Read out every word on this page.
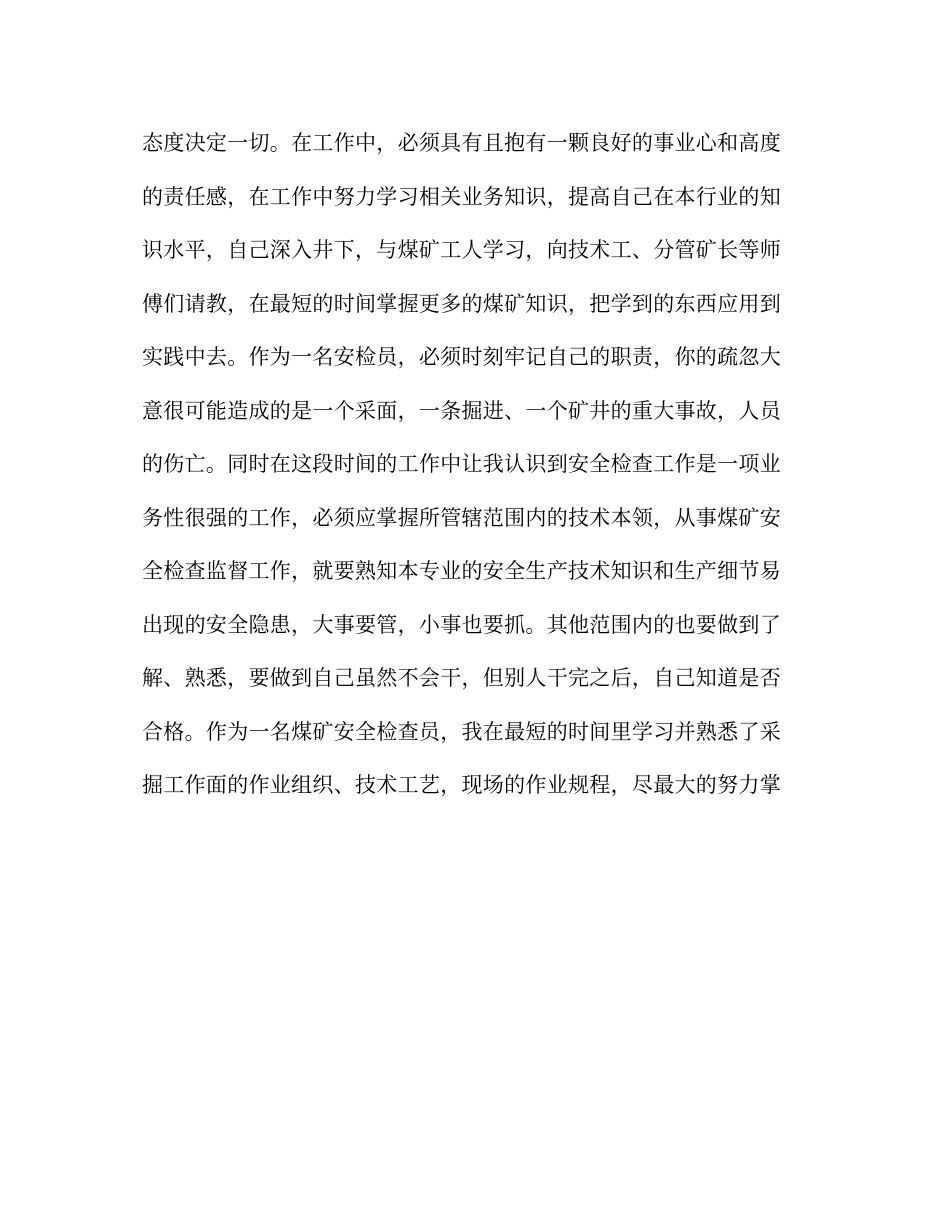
态度决定一切。在工作中，必须具有且抱有一颗良好的事业心和高度
的责任感，在工作中努力学习相关业务知识，提高自己在本行业的知
识水平，自己深入井下，与煤矿工人学习，向技术工、分管矿长等师
傅们请教，在最短的时间掌握更多的煤矿知识，把学到的东西应用到
实践中去。作为一名安检员，必须时刻牢记自己的职责，你的疏忽大
意很可能造成的是一个采面，一条掘进、一个矿井的重大事故，人员
的伤亡。同时在这段时间的工作中让我认识到安全检查工作是一项业
务性很强的工作，必须应掌握所管辖范围内的技术本领，从事煤矿安
全检查监督工作，就要熟知本专业的安全生产技术知识和生产细节易
出现的安全隐患，大事要管，小事也要抓。其他范围内的也要做到了
解、熟悉，要做到自己虽然不会干，但别人干完之后，自己知道是否
合格。作为一名煤矿安全检查员，我在最短的时间里学习并熟悉了采
掘工作面的作业组织、技术工艺，现场的作业规程，尽最大的努力掌
